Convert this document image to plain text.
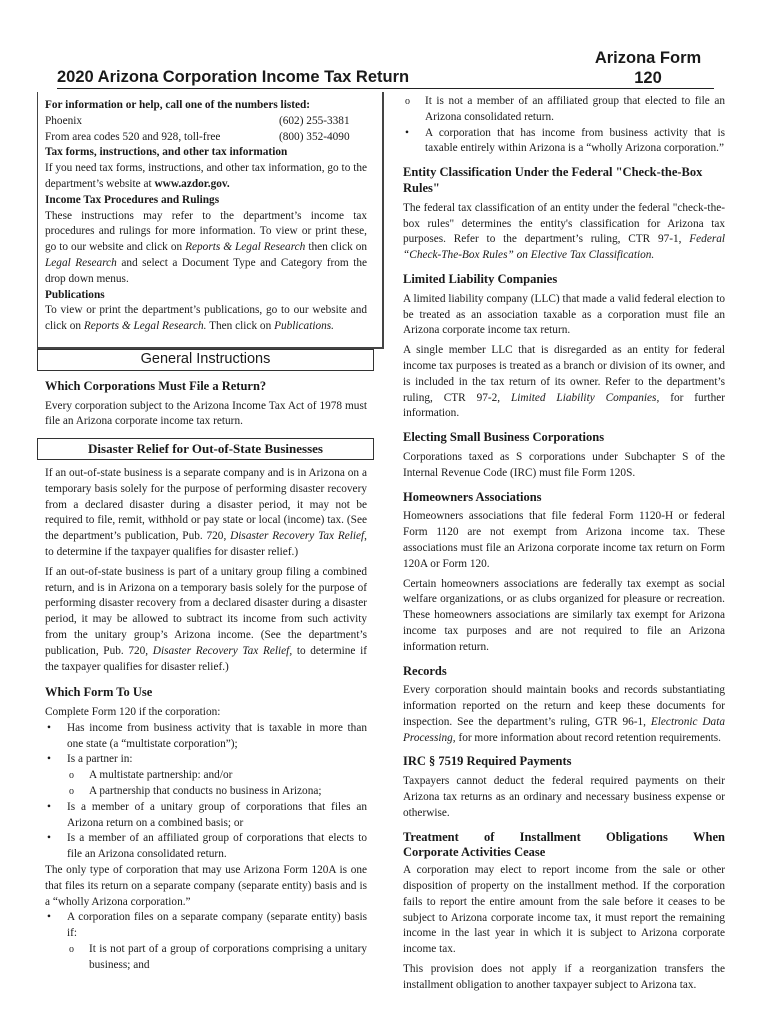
2020 Arizona Corporation Income Tax Return
Arizona Form
120

For information or help, call one of the numbers listed:

Phoenix	(602) 255-3381

From area codes 520 and 928, toll-free	(800) 352-4090

Tax forms, instructions, and other tax information

If you need tax forms, instructions, and other tax information, go to the department’s website at www.azdor.gov.

Income Tax Procedures and Rulings

These instructions may refer to the department’s income tax procedures and rulings for more information. To view or print these, go to our website and click on Reports & Legal Research then click on Legal Research and select a Document Type and Category from the drop down menus.

Publications

To view or print the department’s publications, go to our website and click on Reports & Legal Research. Then click on Publications.

General Instructions

Which Corporations Must File a Return?

Every corporation subject to the Arizona Income Tax Act of 1978 must file an Arizona corporate income tax return.

Disaster Relief for Out-of-State Businesses

If an out-of-state business is a separate company and is in Arizona on a temporary basis solely for the purpose of performing disaster recovery from a declared disaster during a disaster period, it may not be required to file, remit, withhold or pay state or local (income) tax. (See the department’s publication, Pub. 720, Disaster Recovery Tax Relief, to determine if the taxpayer qualifies for disaster relief.)

If an out-of-state business is part of a unitary group filing a combined return, and is in Arizona on a temporary basis solely for the purpose of performing disaster recovery from a declared disaster during a disaster period, it may be allowed to subtract its income from such activity from the unitary group’s Arizona income. (See the department’s publication, Pub. 720, Disaster Recovery Tax Relief, to determine if the taxpayer qualifies for disaster relief.)

Which Form To Use

Complete Form 120 if the corporation:

• Has income from business activity that is taxable in more than one state (a “multistate corporation”);
• Is a partner in:
o A multistate partnership: and/or
o A partnership that conducts no business in Arizona;
• Is a member of a unitary group of corporations that files an Arizona return on a combined basis; or
• Is a member of an affiliated group of corporations that elects to file an Arizona consolidated return.

The only type of corporation that may use Arizona Form 120A is one that files its return on a separate company (separate entity) basis and is a “wholly Arizona corporation.”

• A corporation files on a separate company (separate entity) basis if:
o It is not part of a group of corporations comprising a unitary business; and
o It is not a member of an affiliated group that elected to file an Arizona consolidated return.
• A corporation that has income from business activity that is taxable entirely within Arizona is a “wholly Arizona corporation.”

Entity Classification Under the Federal "Check-the-Box Rules"

The federal tax classification of an entity under the federal "check-the-box rules" determines the entity's classification for Arizona tax purposes. Refer to the department’s ruling, CTR 97-1, Federal “Check-The-Box Rules” on Elective Tax Classification.

Limited Liability Companies

A limited liability company (LLC) that made a valid federal election to be treated as an association taxable as a corporation must file an Arizona corporate income tax return.

A single member LLC that is disregarded as an entity for federal income tax purposes is treated as a branch or division of its owner, and is included in the tax return of its owner. Refer to the department’s ruling, CTR 97-2, Limited Liability Companies, for further information.

Electing Small Business Corporations

Corporations taxed as S corporations under Subchapter S of the Internal Revenue Code (IRC) must file Form 120S.

Homeowners Associations

Homeowners associations that file federal Form 1120-H or federal Form 1120 are not exempt from Arizona income tax. These associations must file an Arizona corporate income tax return on Form 120A or Form 120.

Certain homeowners associations are federally tax exempt as social welfare organizations, or as clubs organized for pleasure or recreation. These homeowners associations are similarly tax exempt for Arizona income tax purposes and are not required to file an Arizona information return.

Records

Every corporation should maintain books and records substantiating information reported on the return and keep these documents for inspection. See the department’s ruling, GTR 96-1, Electronic Data Processing, for more information about record retention requirements.

IRC § 7519 Required Payments

Taxpayers cannot deduct the federal required payments on their Arizona tax returns as an ordinary and necessary business expense or otherwise.

Treatment of Installment Obligations When
Corporate Activities Cease

A corporation may elect to report income from the sale or other disposition of property on the installment method. If the corporation fails to report the entire amount from the sale before it ceases to be subject to Arizona corporate income tax, it must report the remaining income in the last year in which it is subject to Arizona corporate income tax.

This provision does not apply if a reorganization transfers the installment obligation to another taxpayer subject to Arizona tax.
